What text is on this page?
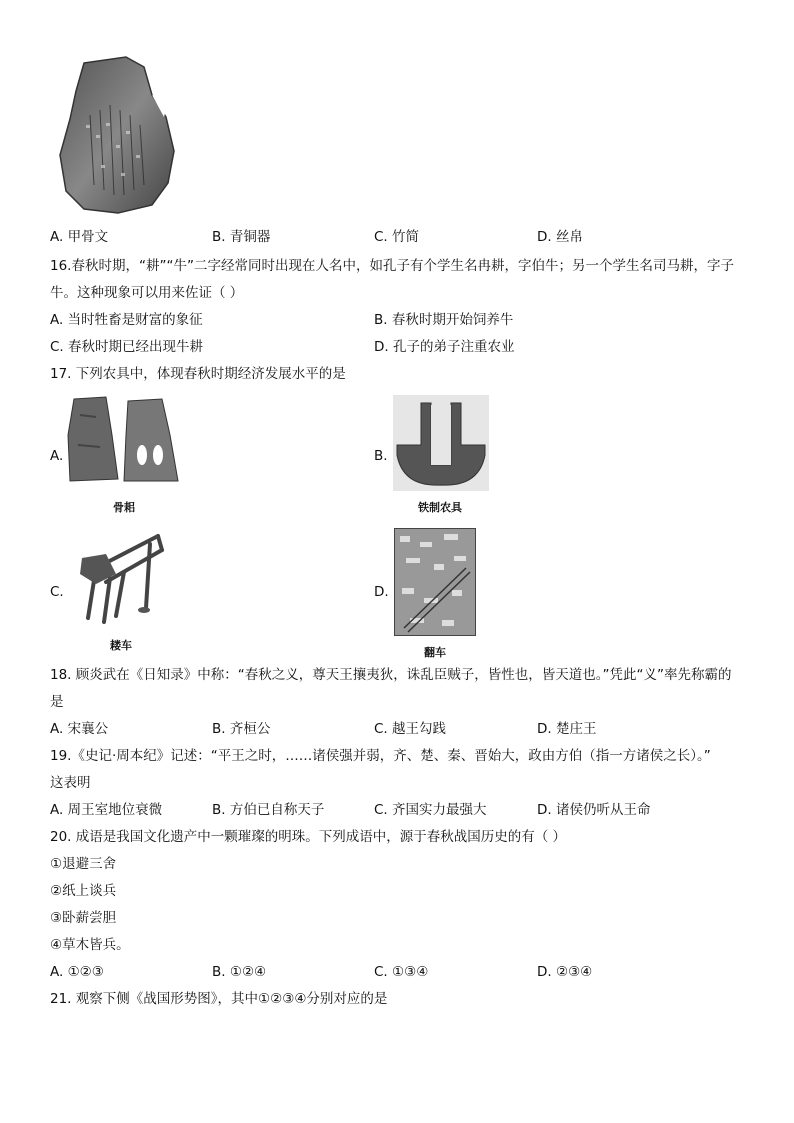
A. 甲骨文	B. 青铜器	C. 竹简	D. 丝帛
16.春秋时期，“耕”“牛”二字经常同时出现在人名中，如孔子有个学生名冉耕，字伯牛；另一个学生名司马耕，字子
牛。这种现象可以用来佐证（ ）
A. 当时牲畜是财富的象征	B. 春秋时期开始饲养牛
C. 春秋时期已经出现牛耕	D. 孔子的弟子注重农业
17. 下列农具中，体现春秋时期经济发展水平的是
A.
骨耜
B.
铁制农具
C.
耧车
D.
翻车
18. 顾炎武在《日知录》中称：“春秋之义，尊天王攘夷狄，诛乱臣贼子，皆性也，皆天道也。”凭此“义”率先称霸的
是
A. 宋襄公	B. 齐桓公	C. 越王勾践	D. 楚庄王
19.《史记·周本纪》记述：“平王之时，……诸侯强并弱，齐、楚、秦、晋始大，政由方伯（指一方诸侯之长）。”
这表明
A. 周王室地位衰微	B. 方伯已自称天子	C. 齐国实力最强大	D. 诸侯仍听从王命
20. 成语是我国文化遗产中一颗璀璨的明珠。下列成语中，源于春秋战国历史的有（ ）
①退避三舍
②纸上谈兵
③卧薪尝胆
④草木皆兵。
A. ①②③	B. ①②④	C. ①③④	D. ②③④
21. 观察下侧《战国形势图》，其中①②③④分别对应的是
